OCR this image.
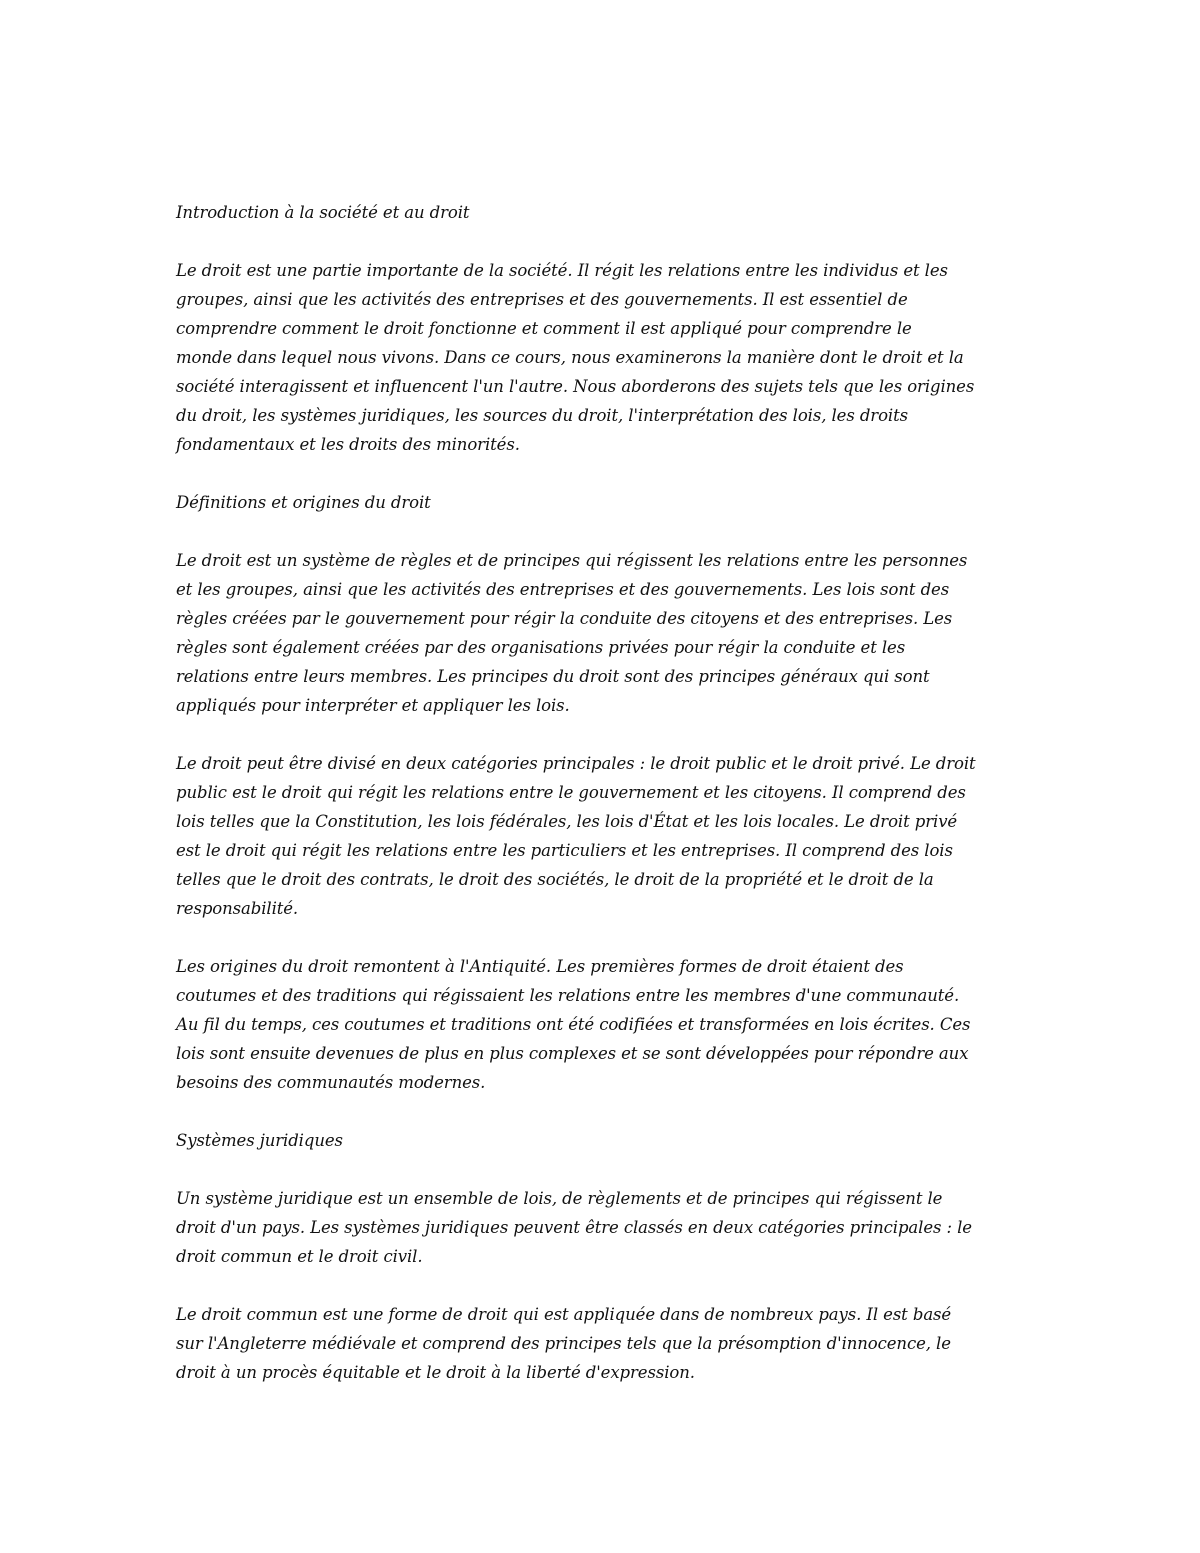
Introduction à la société et au droit
Le droit est une partie importante de la société. Il régit les relations entre les individus et les
groupes, ainsi que les activités des entreprises et des gouvernements. Il est essentiel de
comprendre comment le droit fonctionne et comment il est appliqué pour comprendre le
monde dans lequel nous vivons. Dans ce cours, nous examinerons la manière dont le droit et la
société interagissent et influencent l'un l'autre. Nous aborderons des sujets tels que les origines
du droit, les systèmes juridiques, les sources du droit, l'interprétation des lois, les droits
fondamentaux et les droits des minorités.
Définitions et origines du droit
Le droit est un système de règles et de principes qui régissent les relations entre les personnes
et les groupes, ainsi que les activités des entreprises et des gouvernements. Les lois sont des
règles créées par le gouvernement pour régir la conduite des citoyens et des entreprises. Les
règles sont également créées par des organisations privées pour régir la conduite et les
relations entre leurs membres. Les principes du droit sont des principes généraux qui sont
appliqués pour interpréter et appliquer les lois.
Le droit peut être divisé en deux catégories principales : le droit public et le droit privé. Le droit
public est le droit qui régit les relations entre le gouvernement et les citoyens. Il comprend des
lois telles que la Constitution, les lois fédérales, les lois d'État et les lois locales. Le droit privé
est le droit qui régit les relations entre les particuliers et les entreprises. Il comprend des lois
telles que le droit des contrats, le droit des sociétés, le droit de la propriété et le droit de la
responsabilité.
Les origines du droit remontent à l'Antiquité. Les premières formes de droit étaient des
coutumes et des traditions qui régissaient les relations entre les membres d'une communauté.
Au fil du temps, ces coutumes et traditions ont été codifiées et transformées en lois écrites. Ces
lois sont ensuite devenues de plus en plus complexes et se sont développées pour répondre aux
besoins des communautés modernes.
Systèmes juridiques
Un système juridique est un ensemble de lois, de règlements et de principes qui régissent le
droit d'un pays. Les systèmes juridiques peuvent être classés en deux catégories principales : le
droit commun et le droit civil.
Le droit commun est une forme de droit qui est appliquée dans de nombreux pays. Il est basé
sur l'Angleterre médiévale et comprend des principes tels que la présomption d'innocence, le
droit à un procès équitable et le droit à la liberté d'expression.
